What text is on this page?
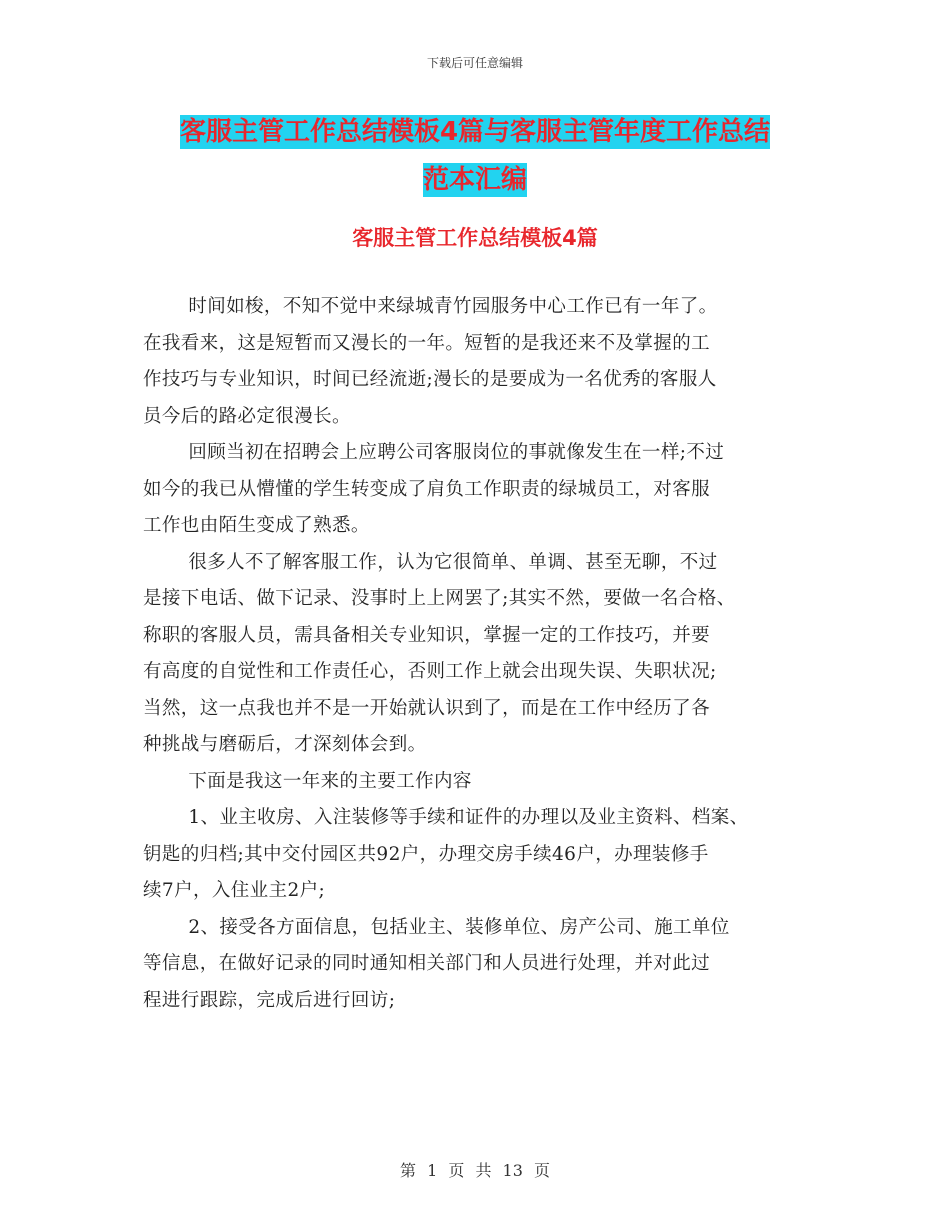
下载后可任意编辑
客服主管工作总结模板4篇与客服主管年度工作总结
范本汇编
客服主管工作总结模板4篇

时间如梭，不知不觉中来绿城青竹园服务中心工作已有一年了。
在我看来，这是短暂而又漫长的一年。短暂的是我还来不及掌握的工
作技巧与专业知识，时间已经流逝;漫长的是要成为一名优秀的客服人
员今后的路必定很漫长。

回顾当初在招聘会上应聘公司客服岗位的事就像发生在一样;不过
如今的我已从懵懂的学生转变成了肩负工作职责的绿城员工，对客服
工作也由陌生变成了熟悉。

很多人不了解客服工作，认为它很简单、单调、甚至无聊，不过
是接下电话、做下记录、没事时上上网罢了;其实不然，要做一名合格、
称职的客服人员，需具备相关专业知识，掌握一定的工作技巧，并要
有高度的自觉性和工作责任心，否则工作上就会出现失误、失职状况;
当然，这一点我也并不是一开始就认识到了，而是在工作中经历了各
种挑战与磨砺后，才深刻体会到。

下面是我这一年来的主要工作内容

1、业主收房、入注装修等手续和证件的办理以及业主资料、档案、
钥匙的归档;其中交付园区共92户，办理交房手续46户，办理装修手
续7户，入住业主2户;

2、接受各方面信息，包括业主、装修单位、房产公司、施工单位
等信息，在做好记录的同时通知相关部门和人员进行处理，并对此过
程进行跟踪，完成后进行回访;

第 1 页 共 13 页
